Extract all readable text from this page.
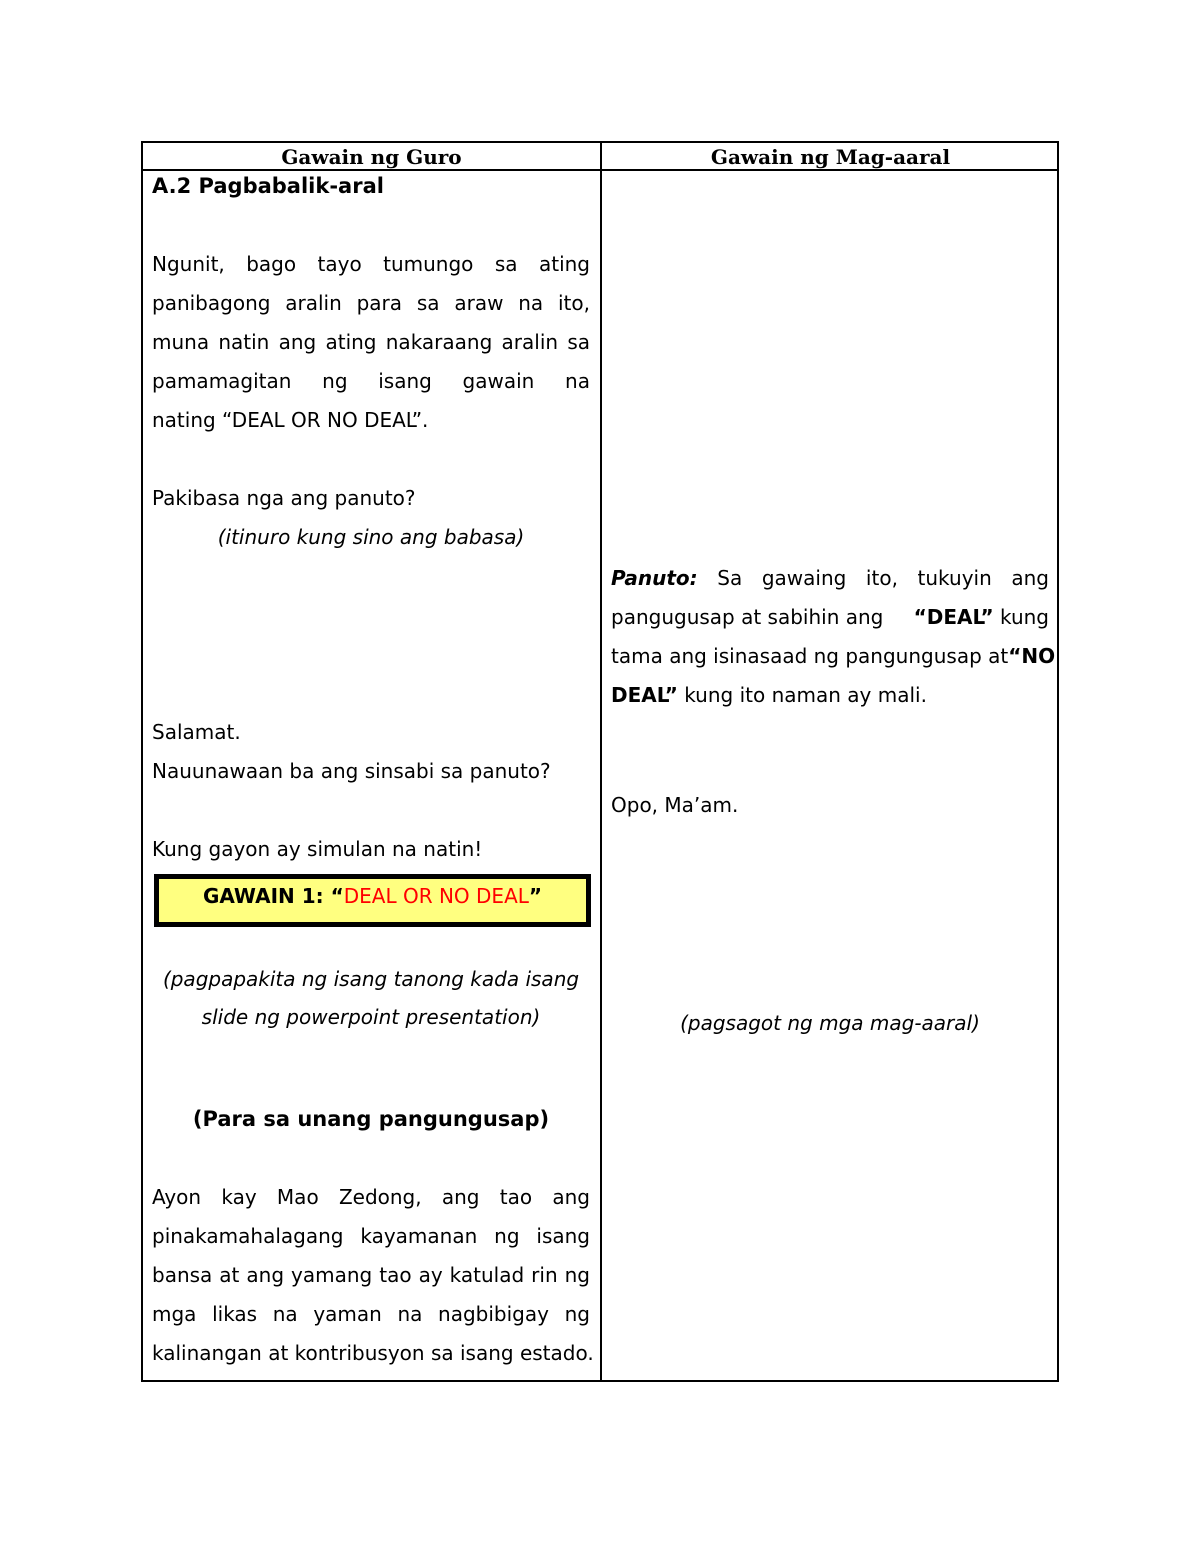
Gawain ng Guro	Gawain ng Mag-aaral
A.2 Pagbabalik-aral
Ngunit, bago tayo tumungo sa ating
panibagong aralin para sa araw na ito,
muna natin ang ating nakaraang aralin sa
pamamagitan ng isang gawain na
nating “DEAL OR NO DEAL”.
Pakibasa nga ang panuto?
(itinuro kung sino ang babasa)
Salamat.
Nauunawaan ba ang sinsabi sa panuto?
Kung gayon ay simulan na natin!
GAWAIN 1: “DEAL OR NO DEAL”
(pagpapakita ng isang tanong kada isang
slide ng powerpoint presentation)
(Para sa unang pangungusap)
Ayon kay Mao Zedong, ang tao ang
pinakamahalagang kayamanan ng isang
bansa at ang yamang tao ay katulad rin ng
mga likas na yaman na nagbibigay ng
kalinangan at kontribusyon sa isang estado.
Panuto: Sa gawaing ito, tukuyin ang
pangugusap at sabihin ang “DEAL” kung
tama ang isinasaad ng pangungusap at “NO
DEAL” kung ito naman ay mali.
Opo, Ma’am.
(pagsagot ng mga mag-aaral)
